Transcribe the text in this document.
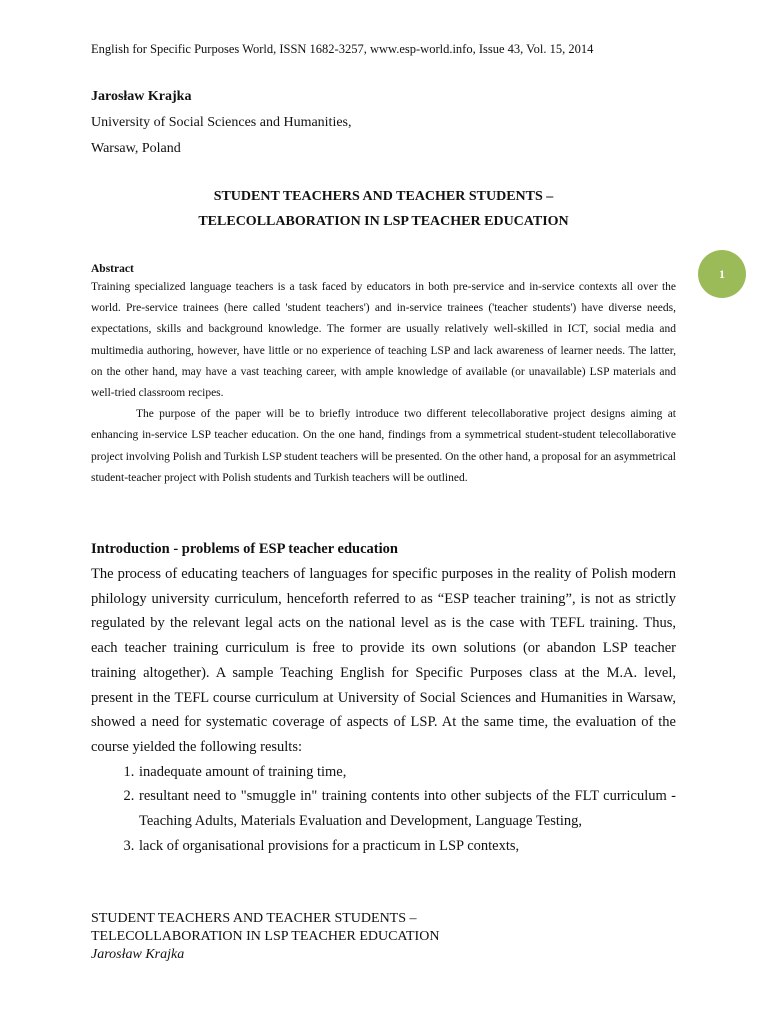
English for Specific Purposes World, ISSN 1682-3257, www.esp-world.info, Issue 43, Vol. 15, 2014
Jarosław Krajka
University of Social Sciences and Humanities,
Warsaw, Poland
STUDENT TEACHERS AND TEACHER STUDENTS –
TELECOLLABORATION IN LSP TEACHER EDUCATION
1
Abstract

Training specialized language teachers is a task faced by educators in both pre-service and in-service contexts all over the world. Pre-service trainees (here called 'student teachers') and in-service trainees ('teacher students') have diverse needs, expectations, skills and background knowledge. The former are usually relatively well-skilled in ICT, social media and multimedia authoring, however, have little or no experience of teaching LSP and lack awareness of learner needs. The latter, on the other hand, may have a vast teaching career, with ample knowledge of available (or unavailable) LSP materials and well-tried classroom recipes.

The purpose of the paper will be to briefly introduce two different telecollaborative project designs aiming at enhancing in-service LSP teacher education. On the one hand, findings from a symmetrical student-student telecollaborative project involving Polish and Turkish LSP student teachers will be presented. On the other hand, a proposal for an asymmetrical student-teacher project with Polish students and Turkish teachers will be outlined.

Introduction - problems of ESP teacher education

The process of educating teachers of languages for specific purposes in the reality of Polish modern philology university curriculum, henceforth referred to as “ESP teacher training”, is not as strictly regulated by the relevant legal acts on the national level as is the case with TEFL training. Thus, each teacher training curriculum is free to provide its own solutions (or abandon LSP teacher training altogether). A sample Teaching English for Specific Purposes class at the M.A. level, present in the TEFL course curriculum at University of Social Sciences and Humanities in Warsaw, showed a need for systematic coverage of aspects of LSP. At the same time, the evaluation of the course yielded the following results:

1. inadequate amount of training time,
2. resultant need to "smuggle in" training contents into other subjects of the FLT curriculum - Teaching Adults, Materials Evaluation and Development, Language Testing,
3. lack of organisational provisions for a practicum in LSP contexts,
STUDENT TEACHERS AND TEACHER STUDENTS –
TELECOLLABORATION IN LSP TEACHER EDUCATION
Jarosław Krajka
